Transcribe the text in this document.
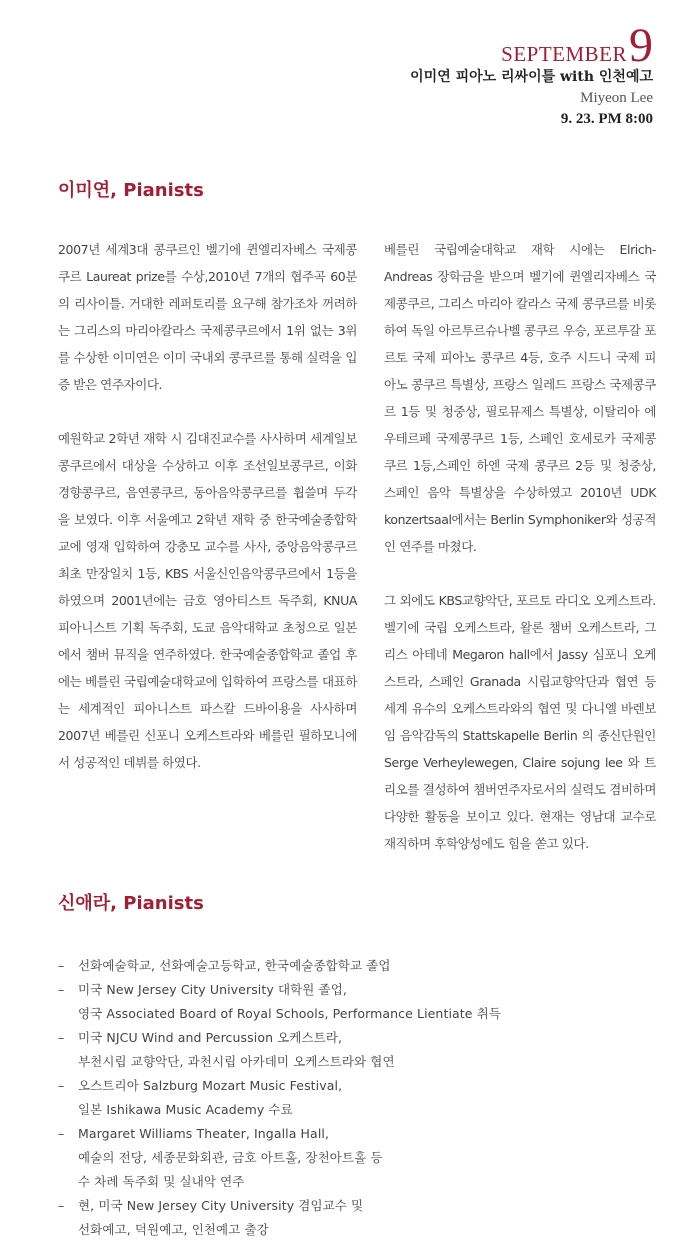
SEPTEMBER9
이미연 피아노 리싸이틀 with 인천예고
Miyeon Lee
9. 23. PM 8:00
이미연, Pianists

2007년 세계3대 콩쿠르인 벨기에 퀸엘리자베스 국제콩쿠르 Laureat prize를 수상,2010년 7개의 협주곡 60분의 리사이틀. 거대한 레퍼토리를 요구해 참가조차 꺼려하는 그리스의 마리아칼라스 국제콩쿠르에서 1위 없는 3위를 수상한 이미연은 이미 국내외 콩쿠르를 통해 실력을 입증 받은 연주자이다.

예원학교 2학년 재학 시 김대진교수를 사사하며 세계일보콩쿠르에서 대상을 수상하고 이후 조선일보콩쿠르, 이화경향콩쿠르, 음연콩쿠르, 동아음악콩쿠르를 휩쓸며 두각을 보였다. 이후 서울예고 2학년 재학 중 한국예술종합학교에 영재 입학하여 강충모 교수를 사사, 중앙음악콩쿠르 최초 만장일치 1등, KBS 서울신인음악콩쿠르에서 1등을 하였으며 2001년에는 금호 영아티스트 독주회, KNUA 피아니스트 기획 독주회, 도쿄 음악대학교 초청으로 일본에서 챔버 뮤직을 연주하였다. 한국예술종합학교 졸업 후에는 베를린 국립예술대학교에 입학하여 프랑스를 대표하는 세계적인 피아니스트 파스칼 드바이용을 사사하며2007년 베를린 신포니 오케스트라와 베를린 필하모니에서 성공적인 데뷔를 하였다.

베를린 국립예술대학교 재학 시에는 Elrich-Andreas 장학금을 받으며 벨기에 퀸엘리자베스 국제콩쿠르, 그리스 마리아 칼라스 국제 콩쿠르를 비롯하여 독일 아르투르슈나벨 콩쿠르 우승, 포르투갈 포르토 국제 피아노 콩쿠르 4등, 호주 시드니 국제 피아노 콩쿠르 특별상, 프랑스 일레드 프랑스 국제콩쿠르 1등 및 청중상, 필로뮤제스 특별상, 이탈리아 에우테르페 국제콩쿠르 1등, 스페인 호세로카 국제콩쿠르 1등,스페인 하엔 국제 콩쿠르 2등 및 청중상, 스페인 음악 특별상을 수상하였고 2010년 UDK konzertsaal에서는 Berlin Symphoniker와 성공적인 연주를 마쳤다.

그 외에도 KBS교향악단, 포르토 라디오 오케스트라. 벨기에 국립 오케스트라, 왈론 챔버 오케스트라, 그리스 아테네 Megaron hall에서 Jassy 심포니 오케스트라, 스페인 Granada 시립교향악단과 협연 등 세계 유수의 오케스트라와의 협연 및 다니엘 바렌보임 음악감독의 Stattskapelle Berlin 의 종신단원인 Serge Verheylewegen, Claire sojung lee 와 트리오를 결성하여 챔버연주자로서의 실력도 겸비하며 다양한 활동을 보이고 있다. 현재는 영남대 교수로 재직하며 후학양성에도 힘을 쏟고 있다.

신애라, Pianists
–	선화예술학교, 선화예술고등학교, 한국예술종합학교 졸업
–	미국 New Jersey City University 대학원 졸업,
영국 Associated Board of Royal Schools, Performance Lientiate 취득
–	미국 NJCU Wind and Percussion 오케스트라,
부천시립 교향악단, 과천시립 아카데미 오케스트라와 협연
–	오스트리아 Salzburg Mozart Music Festival,
일본 Ishikawa Music Academy 수료
–	Margaret Williams Theater, Ingalla Hall,
예술의 전당, 세종문화회관, 금호 아트홀, 장천아트홀 등
수 차례 독주회 및 실내악 연주
–	현, 미국 New Jersey City University 겸임교수 및
선화예고, 덕원예고, 인천예고 출강
